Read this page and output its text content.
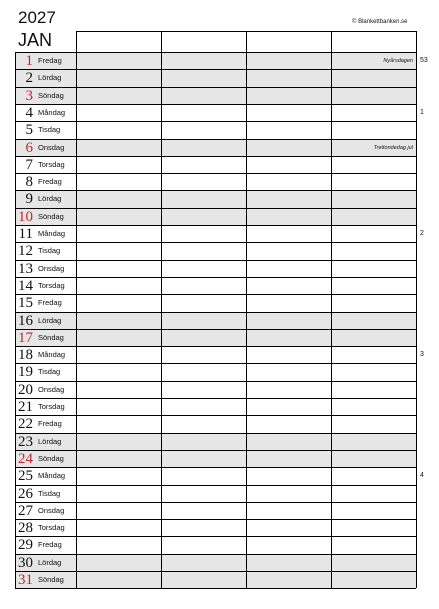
2027
JAN
© Blankettbanken.se
1 Fredag	Nyårsdagen
2 Lördag
3 Söndag
4 Måndag
5 Tisdag
6 Onsdag	Trettondedag jul
7 Torsdag
8 Fredag
9 Lördag
10 Söndag
11 Måndag
12 Tisdag
13 Onsdag
14 Torsdag
15 Fredag
16 Lördag
17 Söndag
18 Måndag
19 Tisdag
20 Onsdag
21 Torsdag
22 Fredag
23 Lördag
24 Söndag
25 Måndag
26 Tisdag
27 Onsdag
28 Torsdag
29 Fredag
30 Lördag
31 Söndag
53
1
2
3
4
